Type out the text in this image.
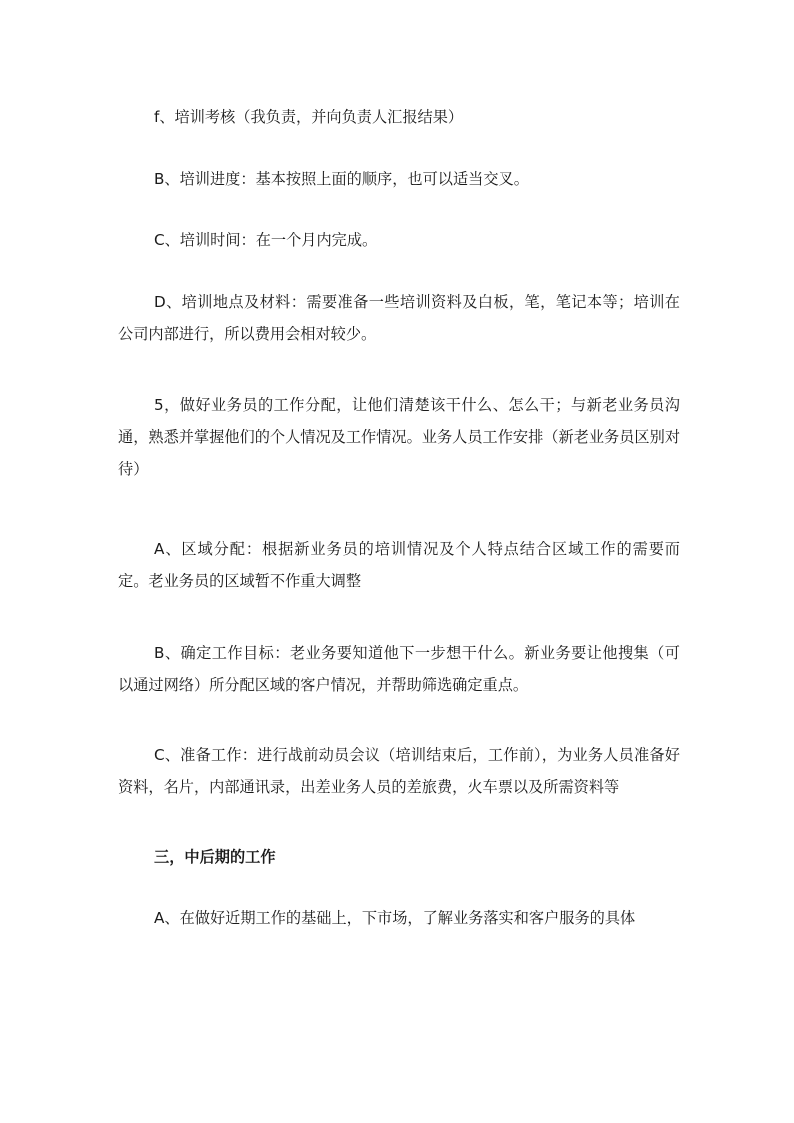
f、培训考核（我负责，并向负责人汇报结果）

B、培训进度：基本按照上面的顺序，也可以适当交叉。

C、培训时间：在一个月内完成。

D、培训地点及材料：需要准备一些培训资料及白板，笔，笔记本等；培训在公司内部进行，所以费用会相对较少。

5，做好业务员的工作分配，让他们清楚该干什么、怎么干；与新老业务员沟通，熟悉并掌握他们的个人情况及工作情况。业务人员工作安排（新老业务员区别对待）

A、区域分配：根据新业务员的培训情况及个人特点结合区域工作的需要而定。老业务员的区域暂不作重大调整

B、确定工作目标：老业务要知道他下一步想干什么。新业务要让他搜集（可以通过网络）所分配区域的客户情况，并帮助筛选确定重点。

C、准备工作：进行战前动员会议（培训结束后，工作前），为业务人员准备好资料，名片，内部通讯录，出差业务人员的差旅费，火车票以及所需资料等

三，中后期的工作

A、在做好近期工作的基础上，下市场，了解业务落实和客户服务的具体
